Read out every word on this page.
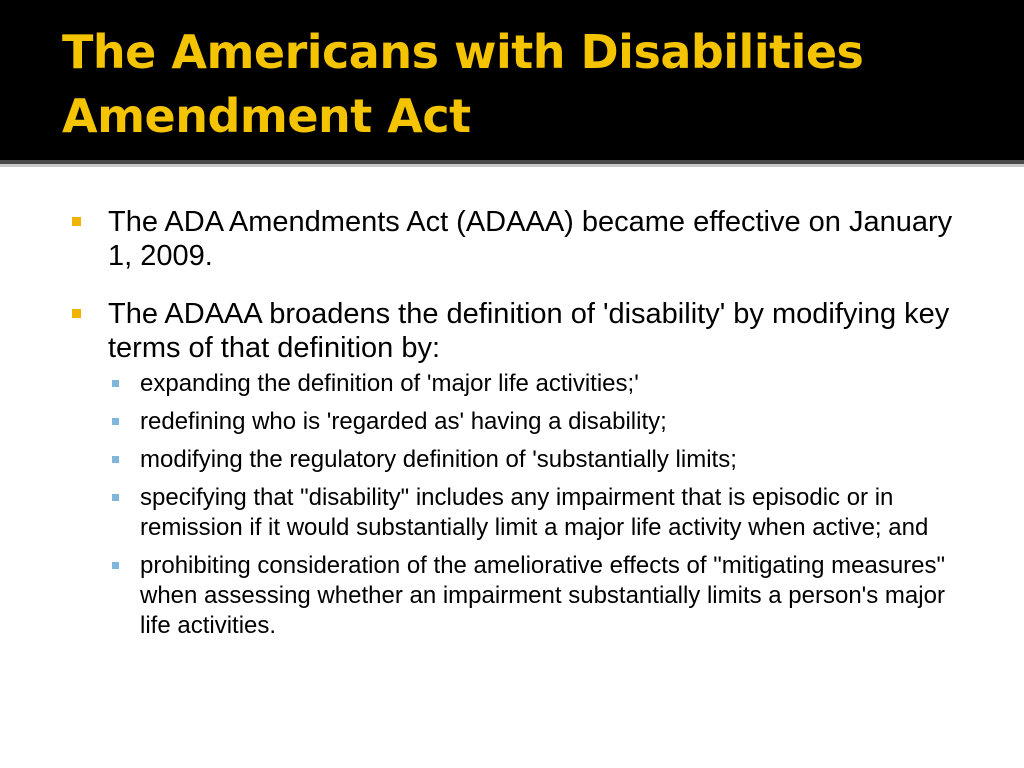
The Americans with Disabilities Amendment Act
The ADA Amendments Act (ADAAA) became effective on January 1, 2009.
The ADAAA broadens the definition of 'disability' by modifying key terms of that definition by:
expanding the definition of 'major life activities;'
redefining who is 'regarded as' having a disability;
modifying the regulatory definition of 'substantially limits;
specifying that "disability" includes any impairment that is episodic or in remission if it would substantially limit a major life activity when active; and
prohibiting consideration of the ameliorative effects of "mitigating measures" when assessing whether an impairment substantially limits a person's major life activities.
